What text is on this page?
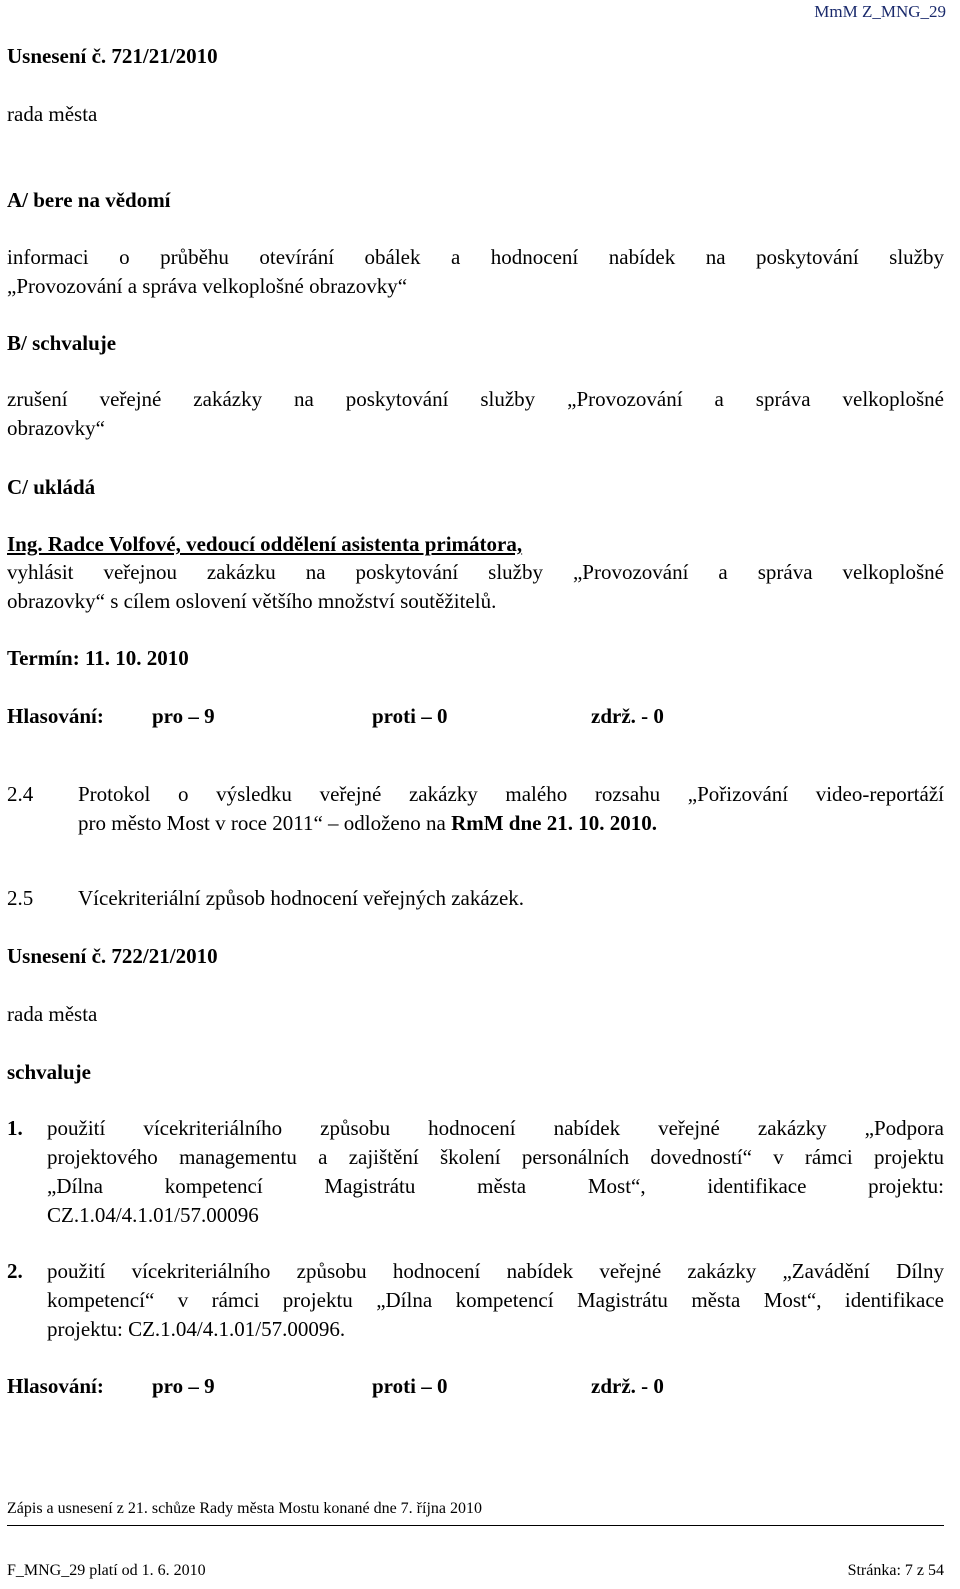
MmM Z_MNG_29
Usnesení č. 721/21/2010
rada města
A/ bere na vědomí
informaci o průběhu otevírání obálek a hodnocení nabídek na poskytování služby
„Provozování a správa velkoplošné obrazovky“
B/ schvaluje
zrušení veřejné zakázky na poskytování služby „Provozování a správa velkoplošné
obrazovky“
C/ ukládá
Ing. Radce Volfové, vedoucí oddělení asistenta primátora,
vyhlásit veřejnou zakázku na poskytování služby „Provozování a správa velkoplošné
obrazovky“ s cílem oslovení většího množství soutěžitelů.
Termín: 11. 10. 2010
Hlasování: pro – 9	proti – 0	zdrž. - 0
2.4 Protokol o výsledku veřejné zakázky malého rozsahu „Pořizování video-reportáží
pro město Most v roce 2011“ – odloženo na RmM dne 21. 10. 2010.
2.5 Vícekriteriální způsob hodnocení veřejných zakázek.
Usnesení č. 722/21/2010
rada města
schvaluje
1. použití vícekriteriálního způsobu hodnocení nabídek veřejné zakázky „Podpora
projektového managementu a zajištění školení personálních dovedností“ v rámci projektu
„Dílna kompetencí Magistrátu města Most“, identifikace projektu:
CZ.1.04/4.1.01/57.00096
2. použití vícekriteriálního způsobu hodnocení nabídek veřejné zakázky „Zavádění Dílny
kompetencí“ v rámci projektu „Dílna kompetencí Magistrátu města Most“, identifikace
projektu: CZ.1.04/4.1.01/57.00096.
Hlasování: pro – 9	proti – 0	zdrž. - 0
Zápis a usnesení z 21. schůze Rady města Mostu konané dne 7. října 2010
F_MNG_29 platí od 1. 6. 2010	Stránka: 7 z 54
